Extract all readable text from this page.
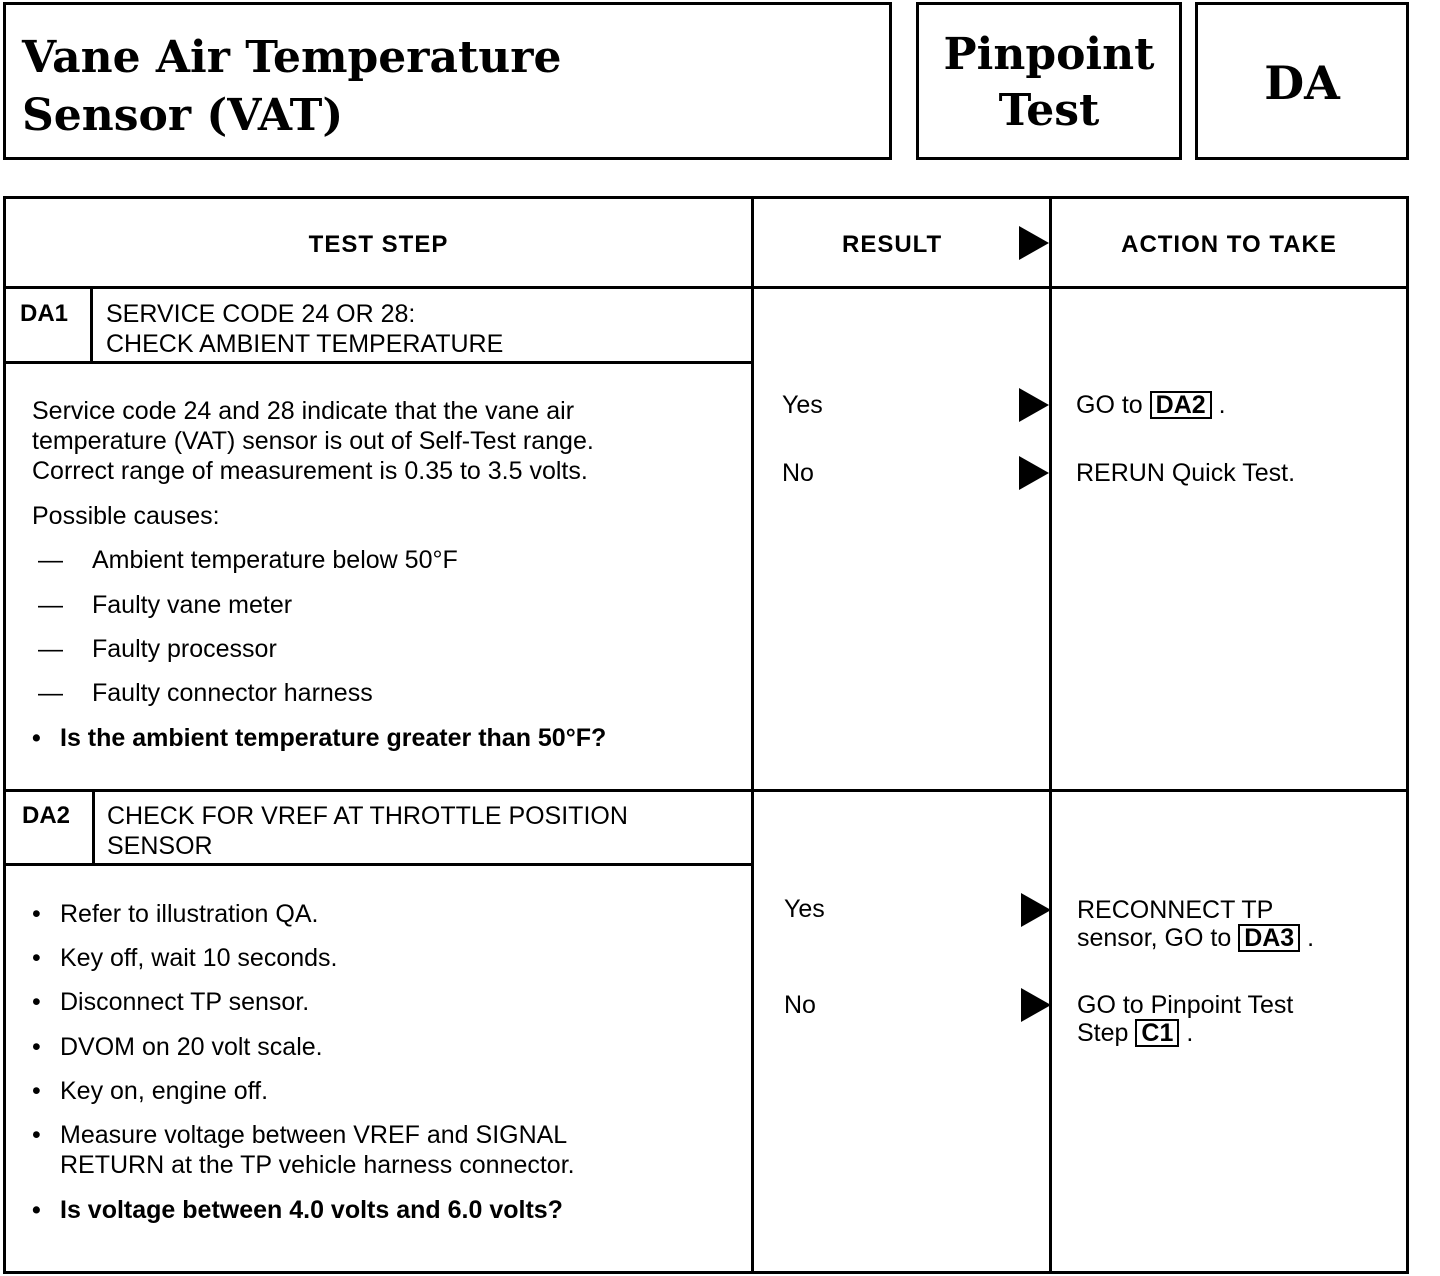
Vane Air Temperature
Sensor (VAT)
Pinpoint
Test
DA
TEST STEP	RESULT	ACTION TO TAKE
DA1 SERVICE CODE 24 OR 28:
CHECK AMBIENT TEMPERATURE
Service code 24 and 28 indicate that the vane air
temperature (VAT) sensor is out of Self-Test range.
Correct range of measurement is 0.35 to 3.5 volts.
Possible causes:
— Ambient temperature below 50°F
— Faulty vane meter
— Faulty processor
— Faulty connector harness
• Is the ambient temperature greater than 50°F?
Yes	GO to DA2 .
No	RERUN Quick Test.
DA2 CHECK FOR VREF AT THROTTLE POSITION
SENSOR
• Refer to illustration QA.
• Key off, wait 10 seconds.
• Disconnect TP sensor.
• DVOM on 20 volt scale.
• Key on, engine off.
• Measure voltage between VREF and SIGNAL
RETURN at the TP vehicle harness connector.
• Is voltage between 4.0 volts and 6.0 volts?
Yes	RECONNECT TP
sensor, GO to DA3 .
No	GO to Pinpoint Test
Step C1 .
